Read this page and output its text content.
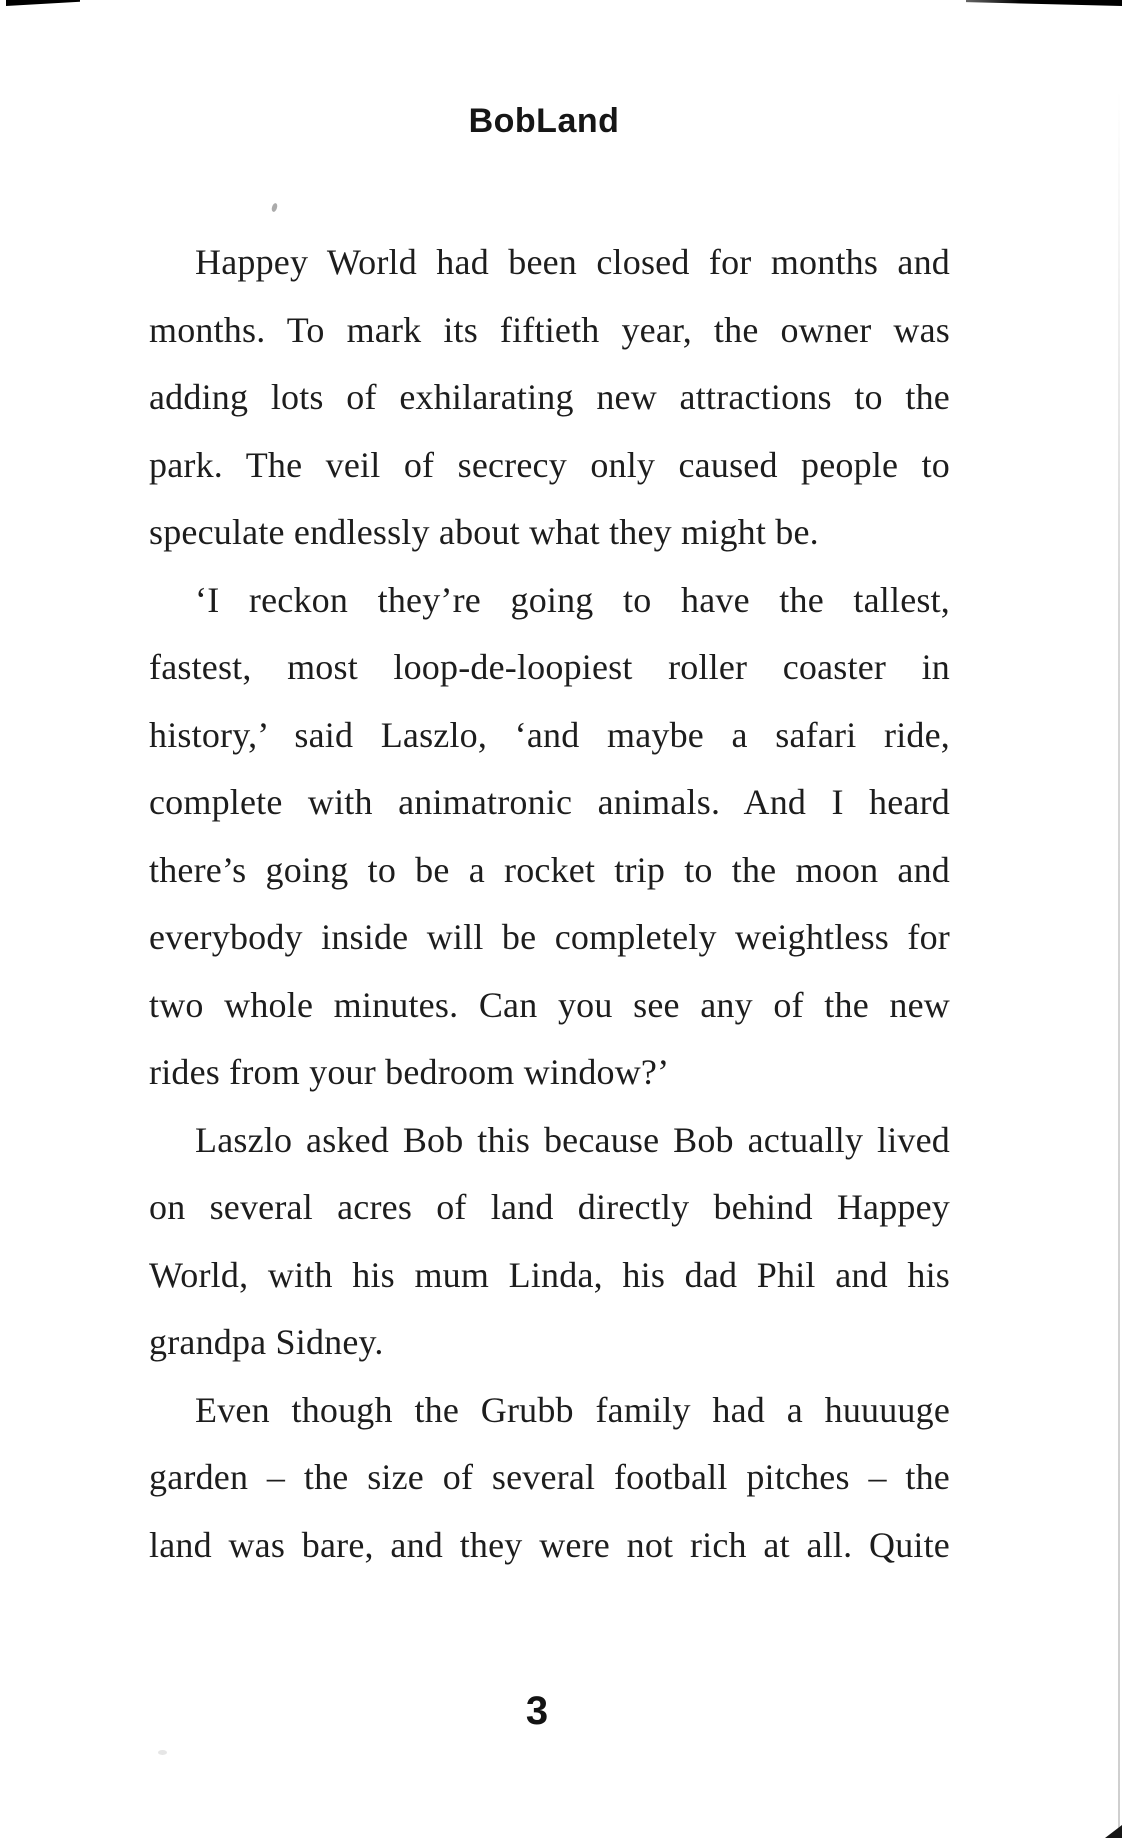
BobLand

Happey World had been closed for months and
months. To mark its fiftieth year, the owner was
adding lots of exhilarating new attractions to the
park. The veil of secrecy only caused people to
speculate endlessly about what they might be.

‘I reckon they’re going to have the tallest,
fastest, most loop-de-loopiest roller coaster in
history,’ said Laszlo, ‘and maybe a safari ride,
complete with animatronic animals. And I heard
there’s going to be a rocket trip to the moon and
everybody inside will be completely weightless for
two whole minutes. Can you see any of the new
rides from your bedroom window?’

Laszlo asked Bob this because Bob actually lived
on several acres of land directly behind Happey
World, with his mum Linda, his dad Phil and his
grandpa Sidney.

Even though the Grubb family had a huuuuge
garden – the size of several football pitches – the
land was bare, and they were not rich at all. Quite

3
